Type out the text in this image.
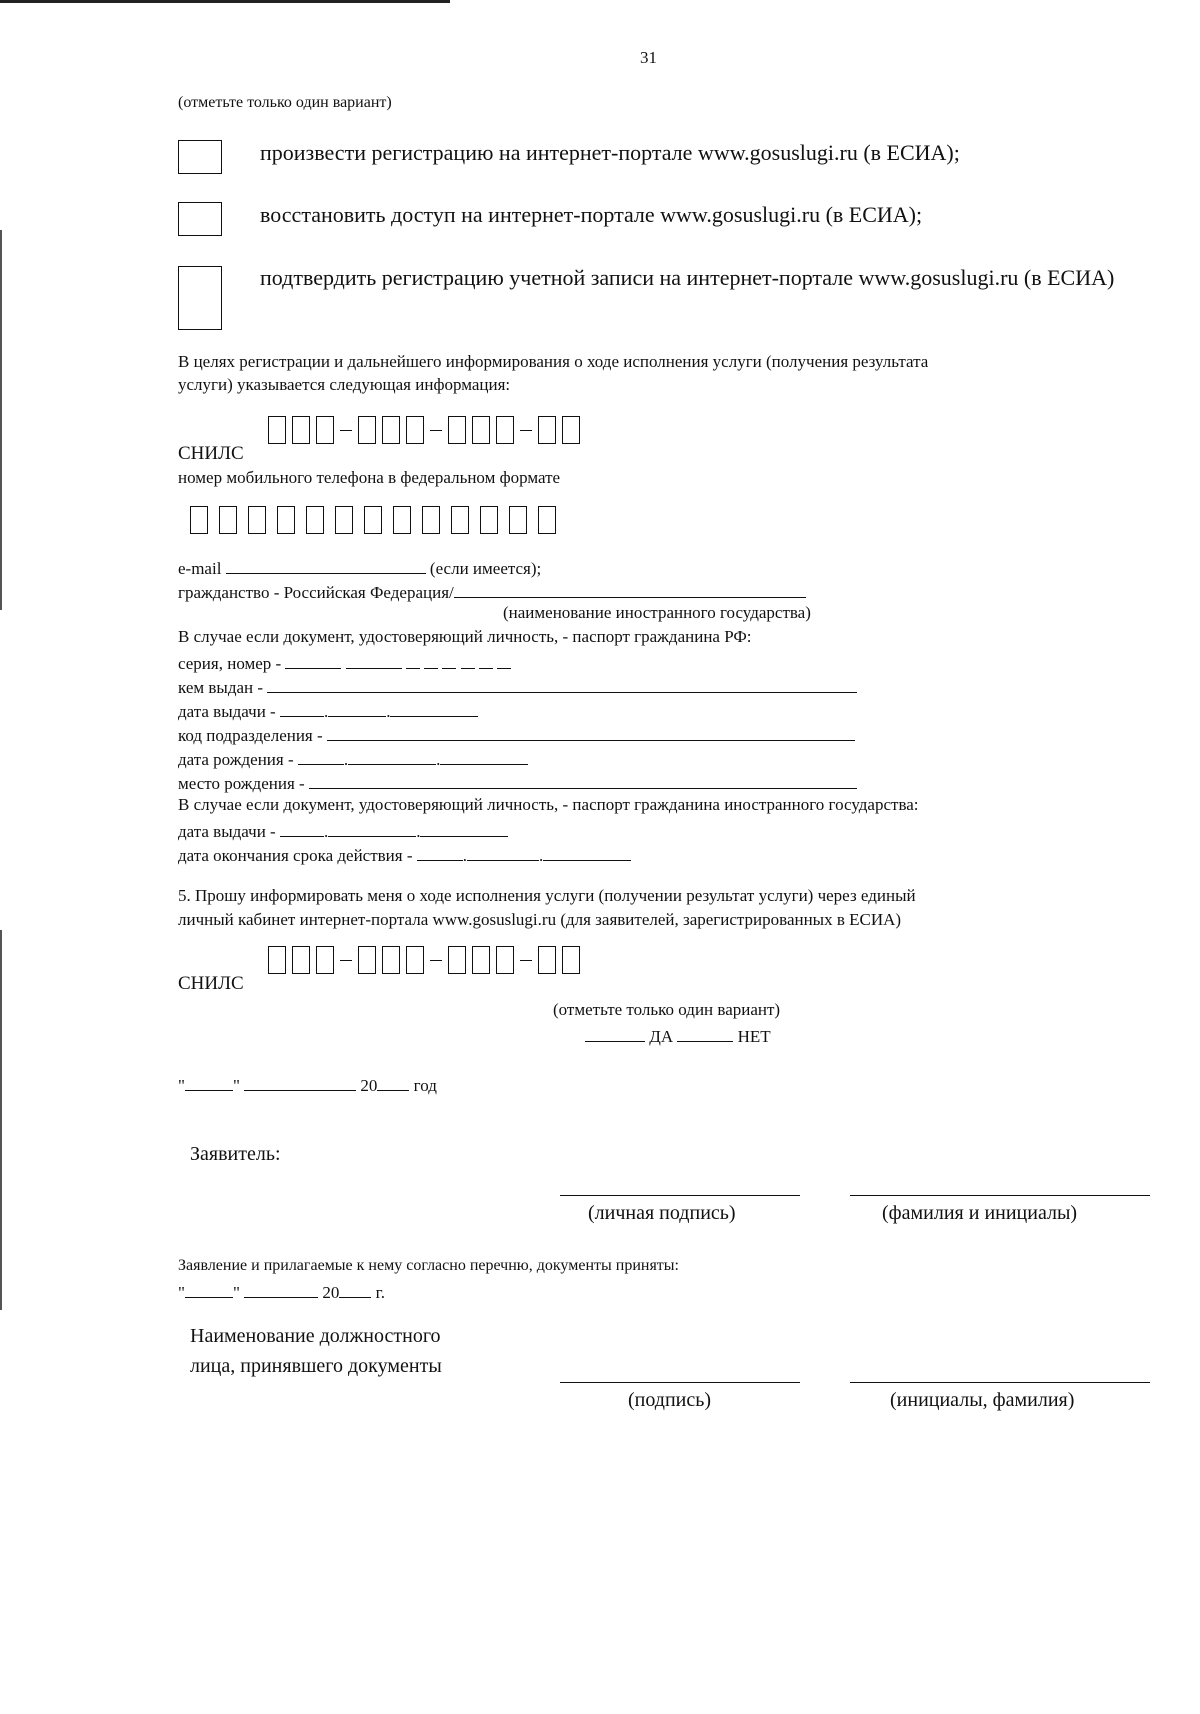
31
(отметьте только один вариант)
произвести регистрацию на интернет-портале www.gosuslugi.ru (в ЕСИА);
восстановить доступ на интернет-портале www.gosuslugi.ru (в ЕСИА);
подтвердить регистрацию учетной записи на интернет-портале www.gosuslugi.ru (в ЕСИА)
В целях регистрации и дальнейшего информирования о ходе исполнения услуги (получения результата
услуги) указывается следующая информация:
СНИЛС
номер мобильного телефона в федеральном формате
e-mail	(если имеется);
гражданство - Российская Федерация/
(наименование иностранного государства)
В случае если документ, удостоверяющий личность, - паспорт гражданина РФ:
серия, номер -
кем выдан -
дата выдачи -	.	.
код подразделения -
дата рождения -	.	.
место рождения -
В случае если документ, удостоверяющий личность, - паспорт гражданина иностранного государства:
дата выдачи -	.	.
дата окончания срока действия -	.	.
5. Прошу информировать меня о ходе исполнения услуги (получении результат услуги) через единый
личный кабинет интернет-портала www.gosuslugi.ru (для заявителей, зарегистрированных в ЕСИА)
СНИЛС
(отметьте только один вариант)
ДА	НЕТ
"	"	20 год
Заявитель:
(личная подпись)	(фамилия и инициалы)
Заявление и прилагаемые к нему согласно перечню, документы приняты:
"	"	20 г.
Наименование должностного
лица, принявшего документы
(подпись)	(инициалы, фамилия)
